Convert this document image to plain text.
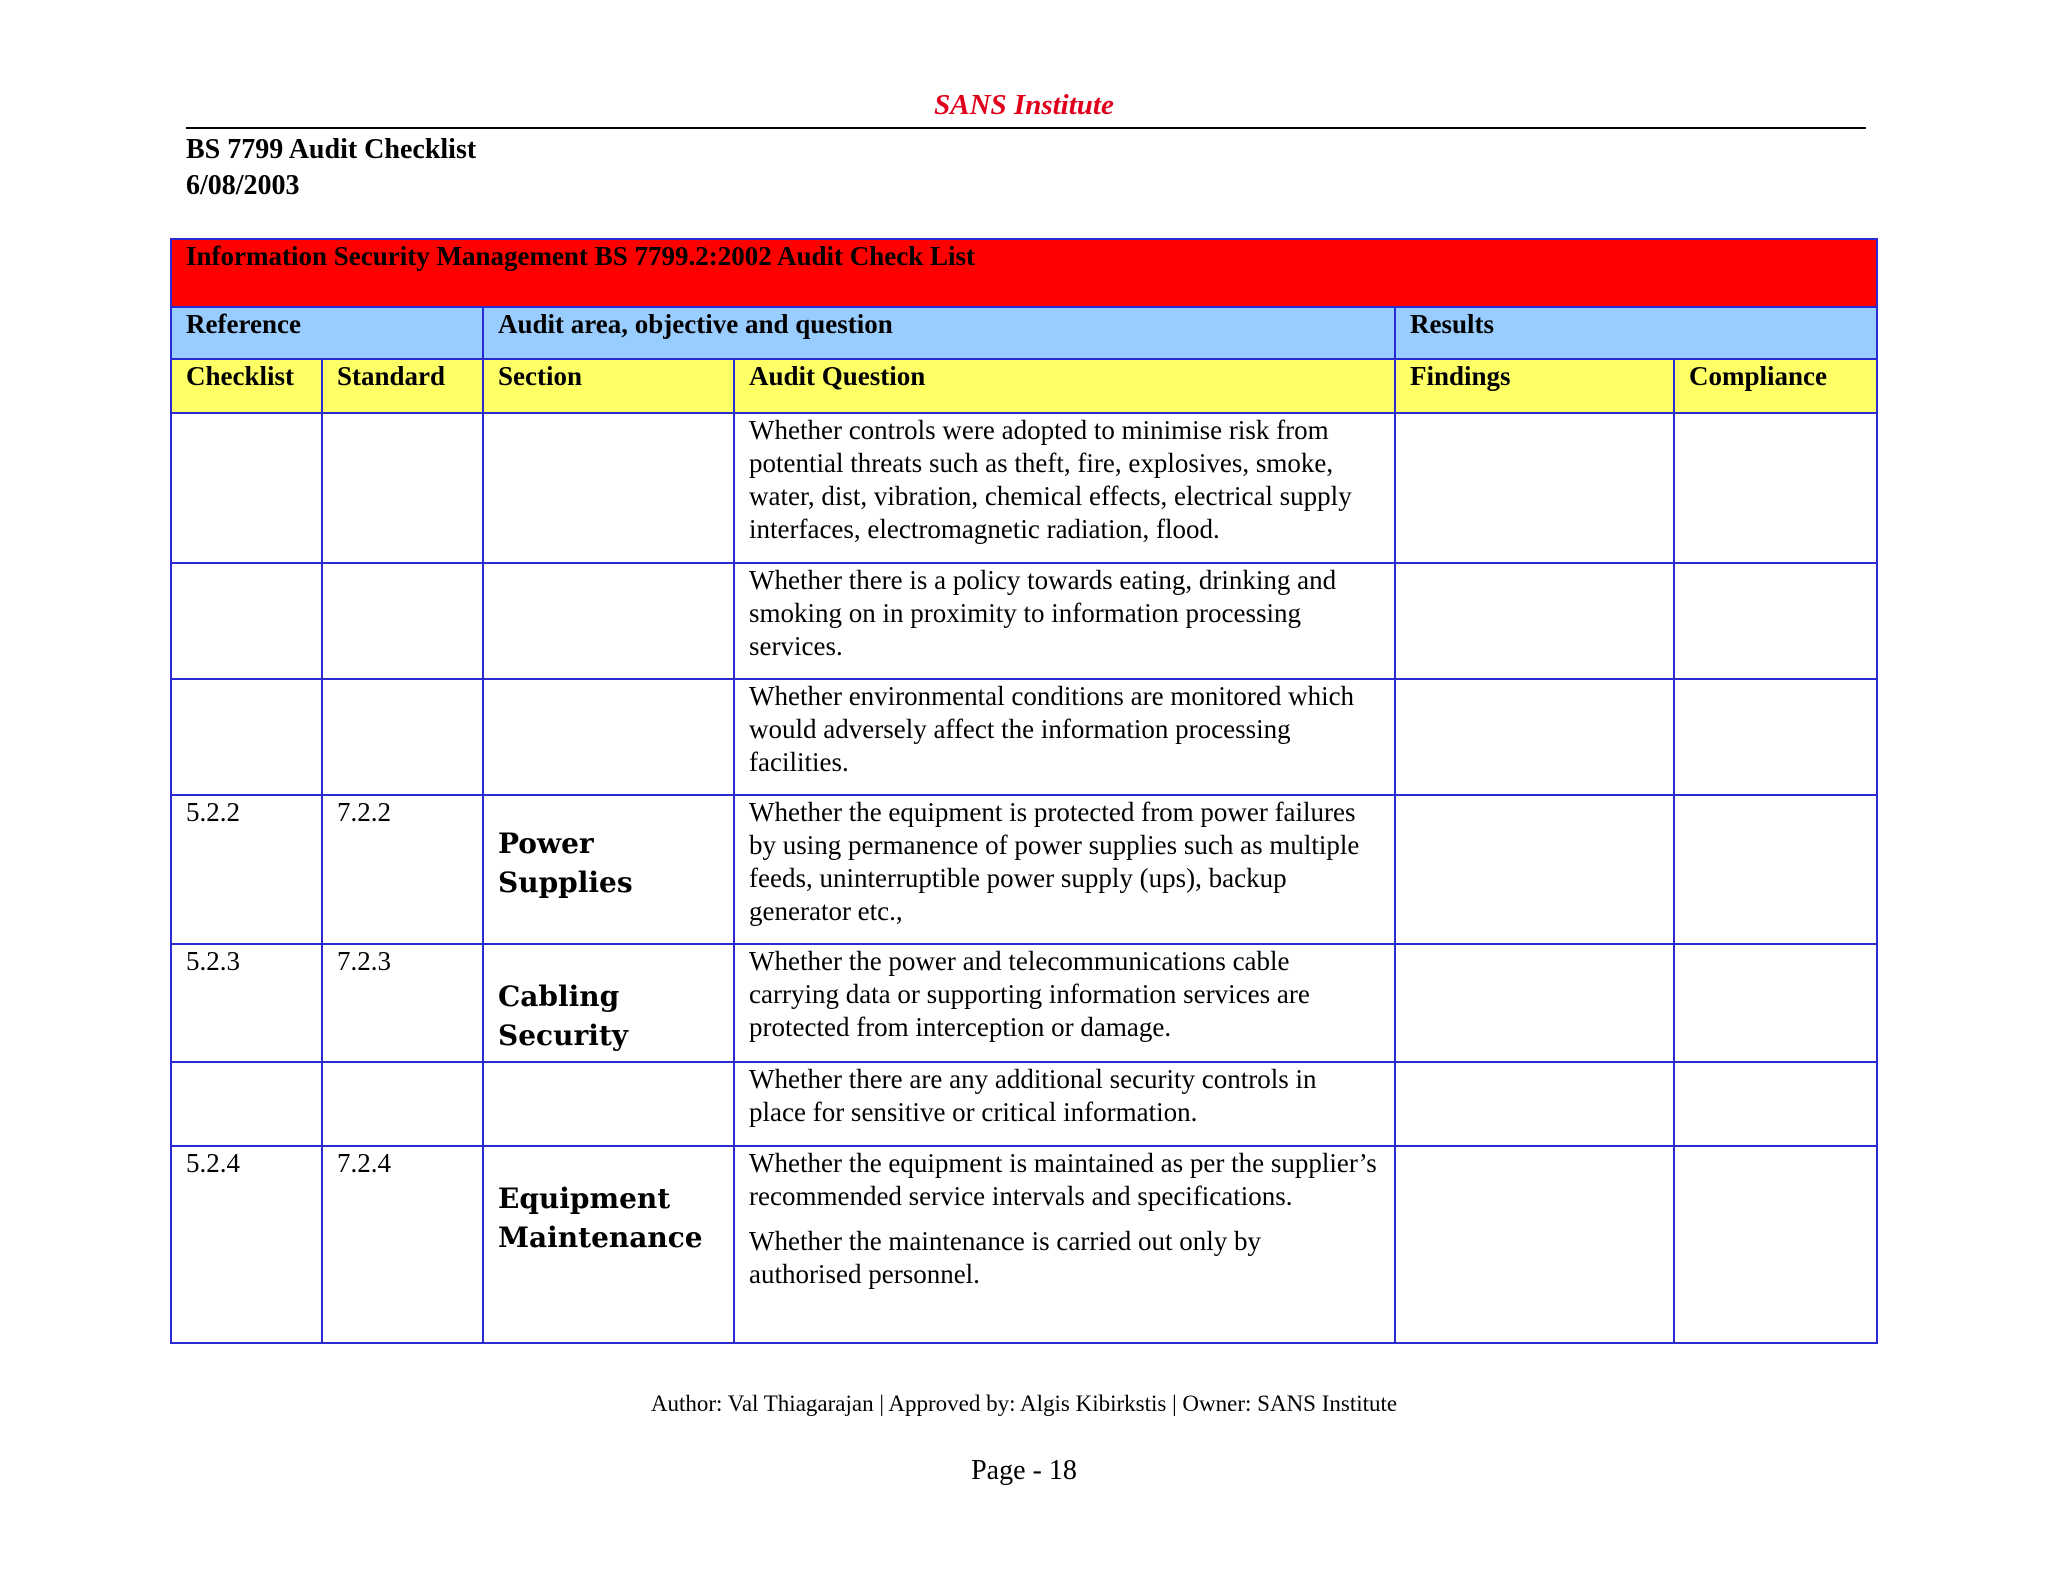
SANS Institute
BS 7799 Audit Checklist
6/08/2003
Information Security Management BS 7799.2:2002 Audit Check List					
Reference		Audit area, objective and question		Results	
Checklist	Standard	Section	Audit Question	Findings	Compliance

			Whether controls were adopted to minimise risk from potential threats such as theft, fire, explosives, smoke, water, dist, vibration, chemical effects, electrical supply interfaces, electromagnetic radiation, flood.		

			Whether there is a policy towards eating, drinking and smoking on in proximity to information processing services.		

			Whether environmental conditions are monitored which would adversely affect the information processing facilities.		

5.2.2	7.2.2	Power Supplies	Whether the equipment is protected from power failures by using permanence of power supplies such as multiple feeds, uninterruptible power supply (ups), backup generator etc.,		

5.2.3	7.2.3	Cabling Security	Whether the power and telecommunications cable carrying data or supporting information services are protected from interception or damage.		

			Whether there are any additional security controls in place for sensitive or critical information.		

5.2.4	7.2.4	Equipment Maintenance	Whether the equipment is maintained as per the supplier’s recommended service intervals and specifications.

Whether the maintenance is carried out only by authorised personnel.		

Author: Val Thiagarajan | Approved by: Algis Kibirkstis | Owner: SANS Institute
Page - 18
